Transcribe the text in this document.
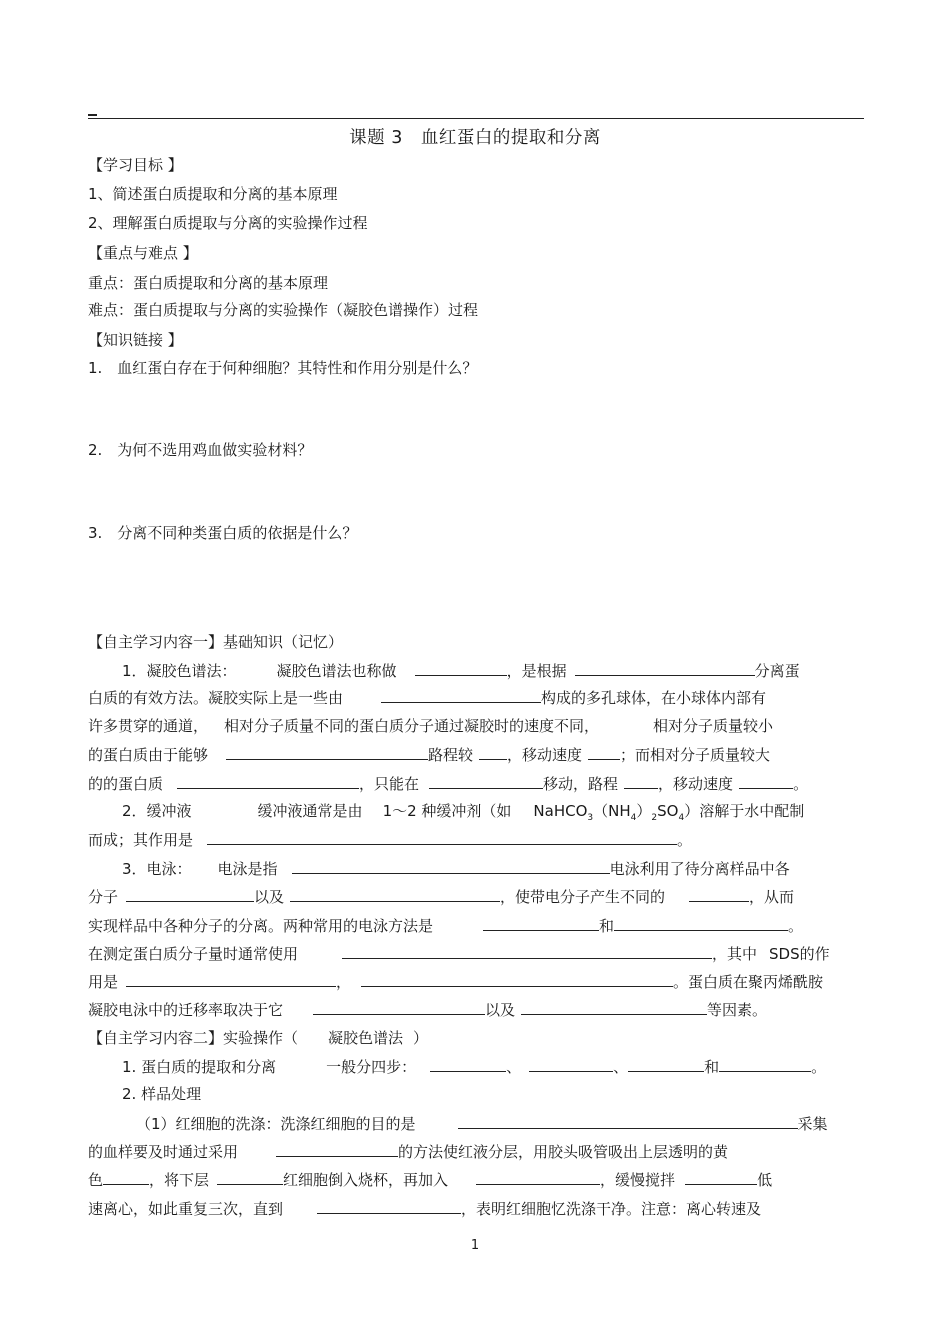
课题 3　血红蛋白的提取和分离
【学习目标 】
1、简述蛋白质提取和分离的基本原理
2、理解蛋白质提取与分离的实验操作过程
【重点与难点 】
重点：蛋白质提取和分离的基本原理
难点：蛋白质提取与分离的实验操作（凝胶色谱操作）过程
【知识链接 】
1.　血红蛋白存在于何种细胞？其特性和作用分别是什么？
2.　为何不选用鸡血做实验材料？
3.　分离不同种类蛋白质的依据是什么？
【自主学习内容一】基础知识（记忆）
1．凝胶色谱法：	凝胶色谱法也称做	，是根据	分离蛋
白质的有效方法。凝胶实际上是一些由	构成的多孔球体，在小球体内部有
许多贯穿的通道， 相对分子质量不同的蛋白质分子通过凝胶时的速度不同，	相对分子质量较小
的蛋白质由于能够	路程较 ，移动速度	；而相对分子质量较大
的的蛋白质	，只能在	移动，路程	，移动速度	。
2．缓冲液	缓冲液通常是由 1～2 种缓冲剂（如 $NaHCO_3(NH_4)_2SO_4$）溶解于水中配制
而成；其作用是	。
3．电泳： 电泳是指	电泳利用了待分离样品中各
分子	以及	，使带电分子产生不同的	，从而
实现样品中各种分子的分离。两种常用的电泳方法是	和	。
在测定蛋白质分子量时通常使用	，其中 SDS的作
用是	，	。蛋白质在聚丙烯酰胺
凝胶电泳中的迁移率取决于它	以及	等因素。
【自主学习内容二】实验操作（ 凝胶色谱法 ）
1. 蛋白质的提取和分离	一般分四步：	、	、	和	。
2. 样品处理
（1）红细胞的洗涤：洗涤红细胞的目的是	采集
的血样要及时通过采用	的方法使红液分层，用胶头吸管吸出上层透明的黄
色	，将下层	红细胞倒入烧杯，再加入	，缓慢搅拌	低
速离心，如此重复三次，直到	，表明红细胞忆洗涤干净。注意：离心转速及
1
